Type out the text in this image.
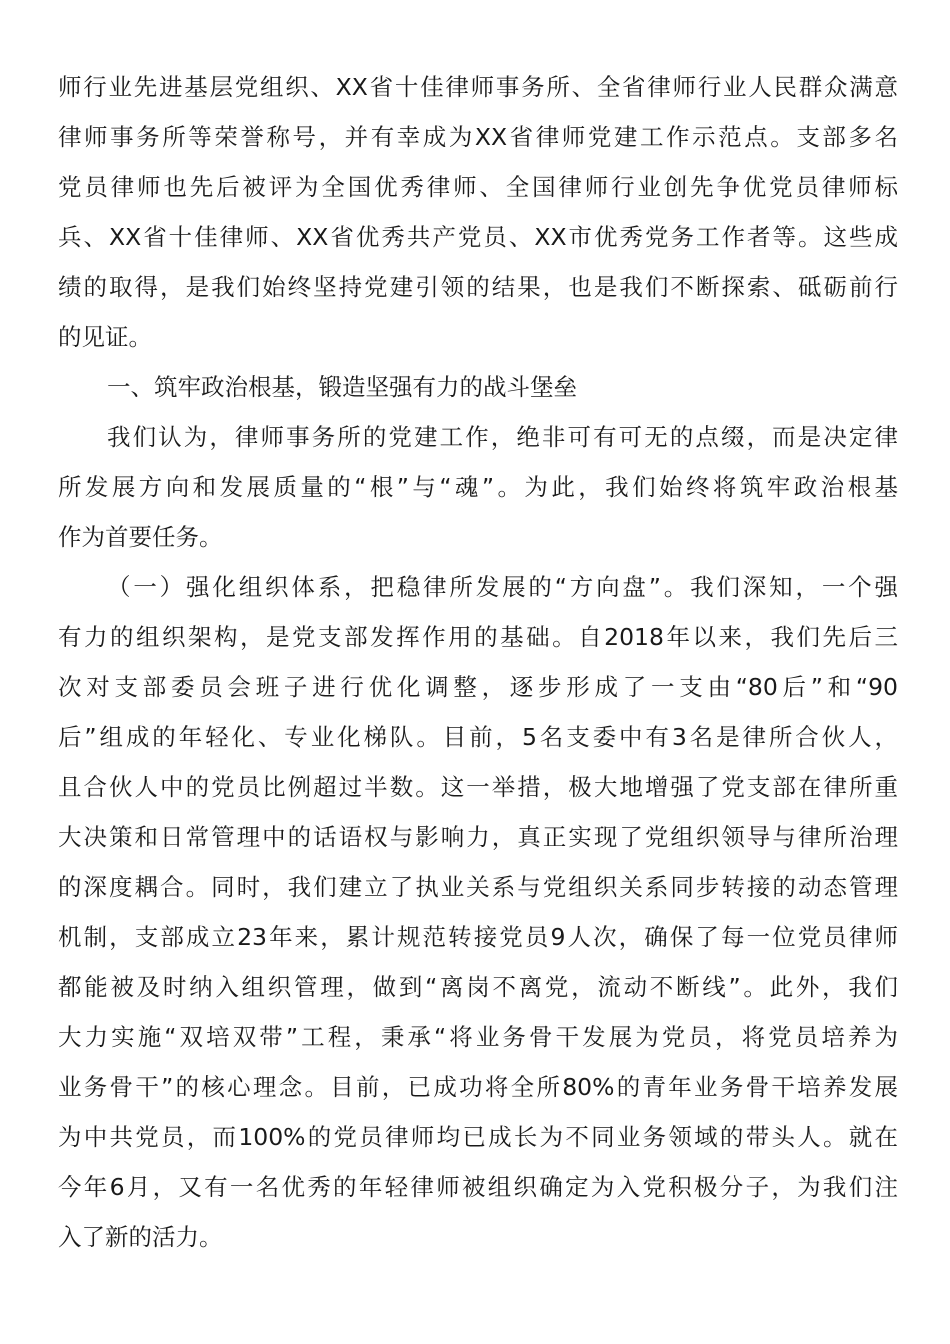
师行业先进基层党组织、XX省十佳律师事务所、全省律师行业人民群众满意
律师事务所等荣誉称号，并有幸成为XX省律师党建工作示范点。支部多名
党员律师也先后被评为全国优秀律师、全国律师行业创先争优党员律师标
兵、XX省十佳律师、XX省优秀共产党员、XX市优秀党务工作者等。这些成
绩的取得，是我们始终坚持党建引领的结果，也是我们不断探索、砥砺前行
的见证。
一、筑牢政治根基，锻造坚强有力的战斗堡垒
我们认为，律师事务所的党建工作，绝非可有可无的点缀，而是决定律
所发展方向和发展质量的“根”与“魂”。为此，我们始终将筑牢政治根基
作为首要任务。
（一）强化组织体系，把稳律所发展的“方向盘”。我们深知，一个强
有力的组织架构，是党支部发挥作用的基础。自2018年以来，我们先后三
次对支部委员会班子进行优化调整，逐步形成了一支由“80后”和“90
后”组成的年轻化、专业化梯队。目前，5名支委中有3名是律所合伙人，
且合伙人中的党员比例超过半数。这一举措，极大地增强了党支部在律所重
大决策和日常管理中的话语权与影响力，真正实现了党组织领导与律所治理
的深度耦合。同时，我们建立了执业关系与党组织关系同步转接的动态管理
机制，支部成立23年来，累计规范转接党员9人次，确保了每一位党员律师
都能被及时纳入组织管理，做到“离岗不离党，流动不断线”。此外，我们
大力实施“双培双带”工程，秉承“将业务骨干发展为党员，将党员培养为
业务骨干”的核心理念。目前，已成功将全所80%的青年业务骨干培养发展
为中共党员，而100%的党员律师均已成长为不同业务领域的带头人。就在
今年6月，又有一名优秀的年轻律师被组织确定为入党积极分子，为我们注
入了新的活力。
